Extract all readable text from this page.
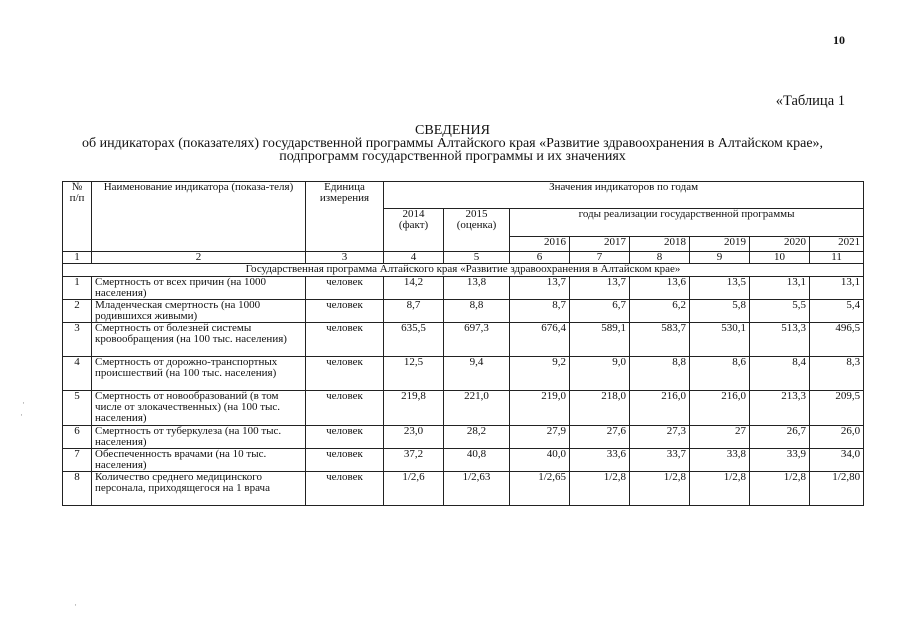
10
«Таблица 1
СВЕДЕНИЯ
об индикаторах (показателях) государственной программы Алтайского края «Развитие здравоохранения в Алтайском крае»,
подпрограмм государственной программы и их значениях
№ п/п	Наименование индикатора (показа-теля)	Единица измерения	Значения индикаторов по годам							
			2014 (факт)	2015 (оценка)	годы реализации государственной программы					
					2016	2017	2018	2019	2020	2021
1	2	3	4	5	6	7	8	9	10	11
Государственная программа Алтайского края «Развитие здравоохранения в Алтайском крае»										
1	Смертность от всех причин (на 1000 населения)	человек	14,2	13,8	13,7	13,7	13,6	13,5	13,1	13,1
2	Младенческая смертность (на 1000 родившихся живыми)	человек	8,7	8,8	8,7	6,7	6,2	5,8	5,5	5,4
3	Смертность от болезней системы кровообращения (на 100 тыс. населения)	человек	635,5	697,3	676,4	589,1	583,7	530,1	513,3	496,5
4	Смертность от дорожно-транспортных происшествий (на 100 тыс. населения)	человек	12,5	9,4	9,2	9,0	8,8	8,6	8,4	8,3
5	Смертность от новообразований (в том числе от злокачественных) (на 100 тыс. населения)	человек	219,8	221,0	219,0	218,0	216,0	216,0	213,3	209,5
6	Смертность от туберкулеза (на 100 тыс. населения)	человек	23,0	28,2	27,9	27,6	27,3	27	26,7	26,0
7	Обеспеченность врачами (на 10 тыс. населения)	человек	37,2	40,8	40,0	33,6	33,7	33,8	33,9	34,0
8	Количество среднего медицинского персонала, приходящегося на 1 врача	человек	1/2,6	1/2,63	1/2,65	1/2,8	1/2,8	1/2,8	1/2,8	1/2,80
·
·
·
